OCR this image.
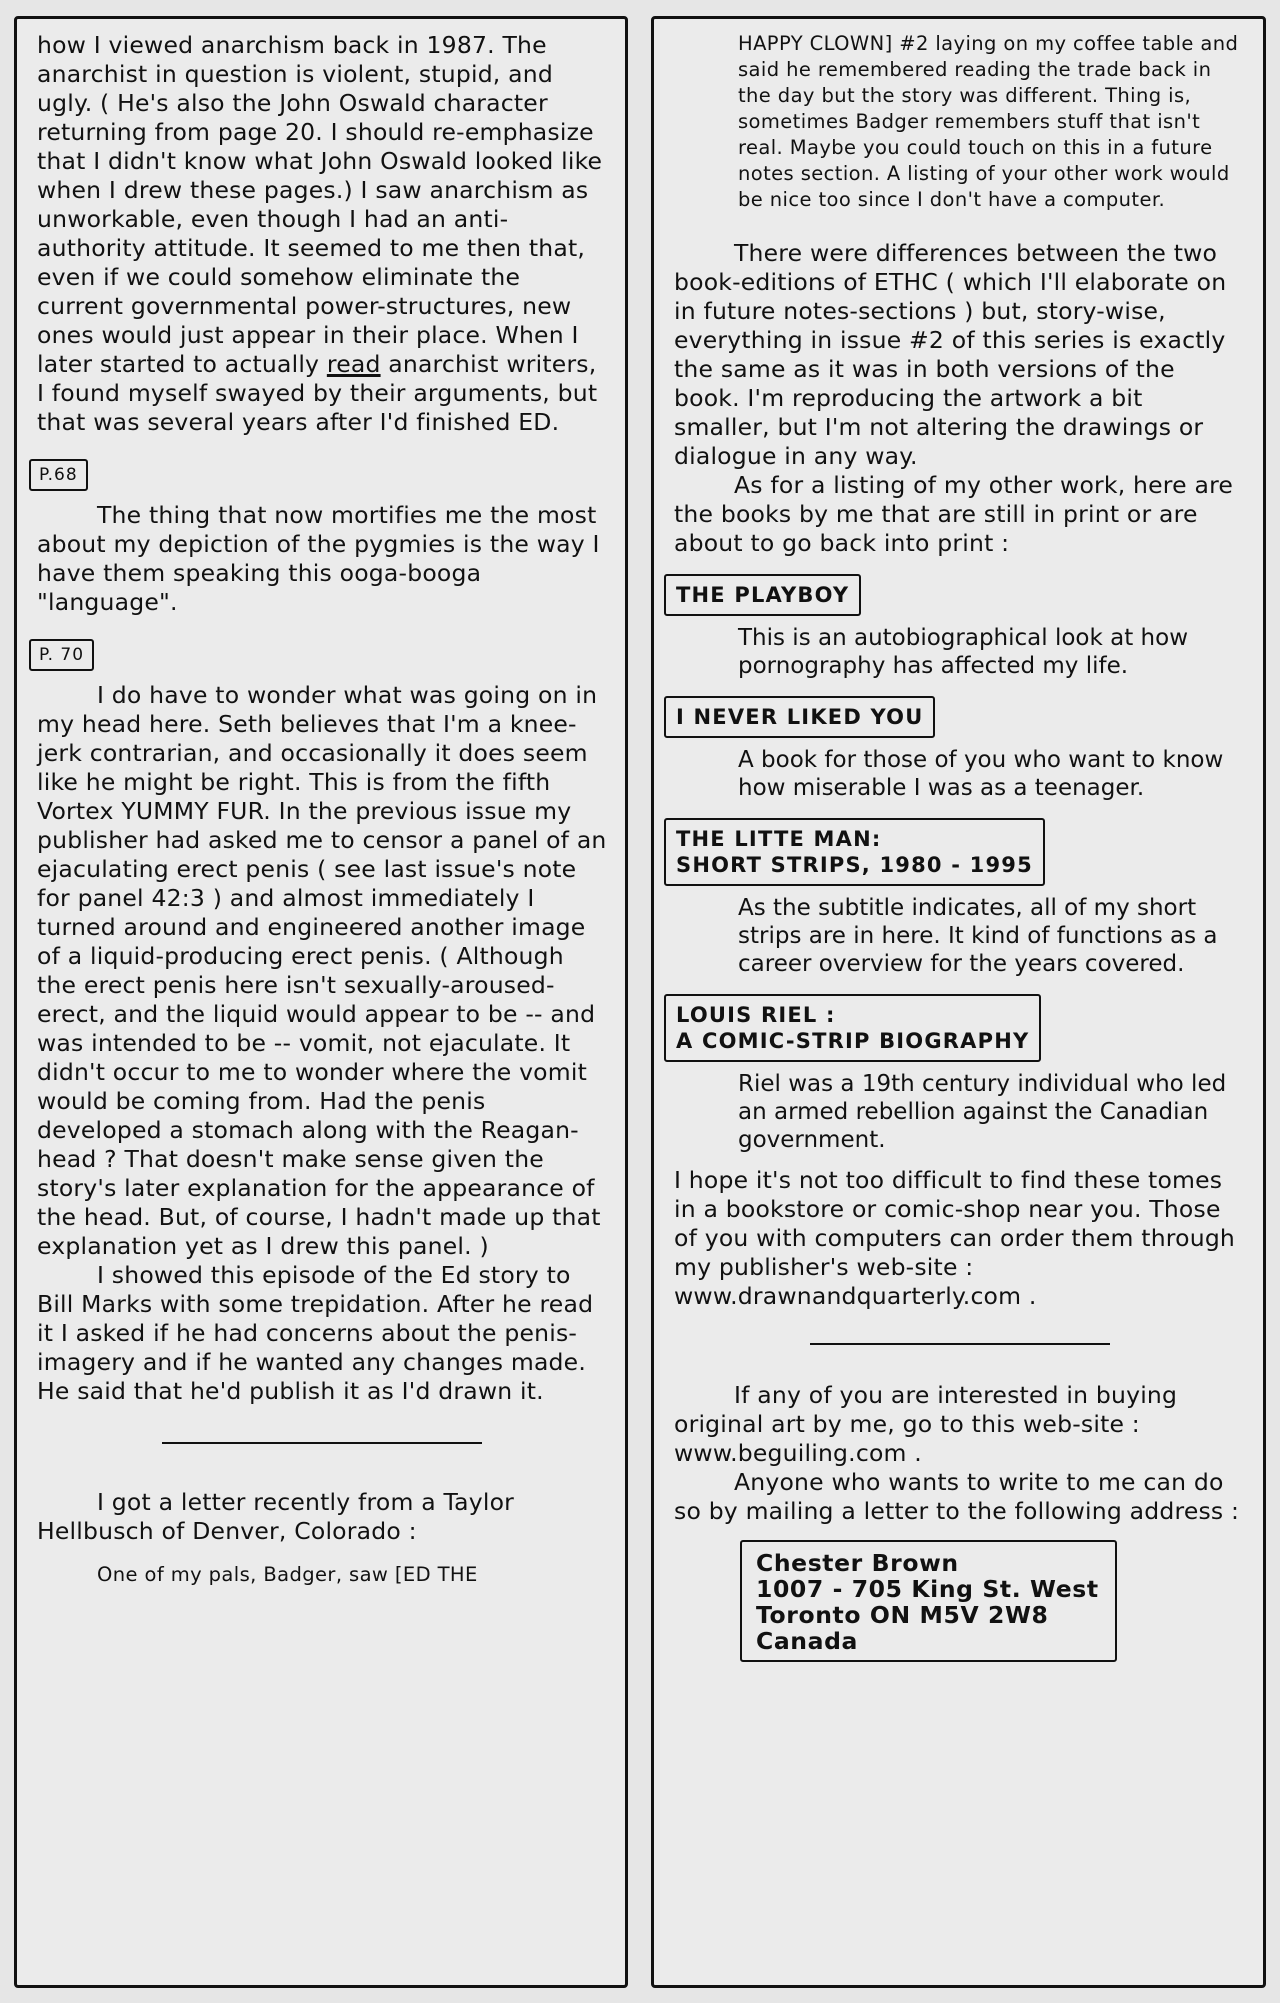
how I viewed anarchism back in 1987. The anarchist in question is violent, stupid, and ugly. ( He's also the John Oswald character returning from page 20. I should re-emphasize that I didn't know what John Oswald looked like when I drew these pages.) I saw anarchism as unworkable, even though I had an anti-authority attitude. It seemed to me then that, even if we could somehow eliminate the current governmental power-structures, new ones would just appear in their place. When I later started to actually read anarchist writers, I found myself swayed by their arguments, but that was several years after I'd finished ED.

P.68

The thing that now mortifies me the most about my depiction of the pygmies is the way I have them speaking this ooga-booga "language".

P. 70

I do have to wonder what was going on in my head here. Seth believes that I'm a knee-jerk contrarian, and occasionally it does seem like he might be right. This is from the fifth Vortex YUMMY FUR. In the previous issue my publisher had asked me to censor a panel of an ejaculating erect penis ( see last issue's note for panel 42:3 ) and almost immediately I turned around and engineered another image of a liquid-producing erect penis. ( Although the erect penis here isn't sexually-aroused-erect, and the liquid would appear to be -- and was intended to be -- vomit, not ejaculate. It didn't occur to me to wonder where the vomit would be coming from. Had the penis developed a stomach along with the Reagan-head ? That doesn't make sense given the story's later explanation for the appearance of the head. But, of course, I hadn't made up that explanation yet as I drew this panel. )

I showed this episode of the Ed story to Bill Marks with some trepidation. After he read it I asked if he had concerns about the penis-imagery and if he wanted any changes made. He said that he'd publish it as I'd drawn it.

I got a letter recently from a Taylor Hellbusch of Denver, Colorado :

One of my pals, Badger, saw [ED THE

HAPPY CLOWN] #2 laying on my coffee table and said he remembered reading the trade back in the day but the story was different. Thing is, sometimes Badger remembers stuff that isn't real. Maybe you could touch on this in a future notes section. A listing of your other work would be nice too since I don't have a computer.

There were differences between the two book-editions of ETHC ( which I'll elaborate on in future notes-sections ) but, story-wise, everything in issue #2 of this series is exactly the same as it was in both versions of the book. I'm reproducing the artwork a bit smaller, but I'm not altering the drawings or dialogue in any way.

As for a listing of my other work, here are the books by me that are still in print or are about to go back into print :

THE PLAYBOY

This is an autobiographical look at how pornography has affected my life.

I NEVER LIKED YOU

A book for those of you who want to know how miserable I was as a teenager.

THE LITTE MAN:
SHORT STRIPS, 1980 - 1995

As the subtitle indicates, all of my short strips are in here. It kind of functions as a career overview for the years covered.

LOUIS RIEL :
A COMIC-STRIP BIOGRAPHY

Riel was a 19th century individual who led an armed rebellion against the Canadian government.

I hope it's not too difficult to find these tomes in a bookstore or comic-shop near you. Those of you with computers can order them through my publisher's web-site : www.drawnandquarterly.com .

If any of you are interested in buying original art by me, go to this web-site : www.beguiling.com .

Anyone who wants to write to me can do so by mailing a letter to the following address :

Chester Brown
1007 - 705 King St. West
Toronto ON M5V 2W8
Canada
